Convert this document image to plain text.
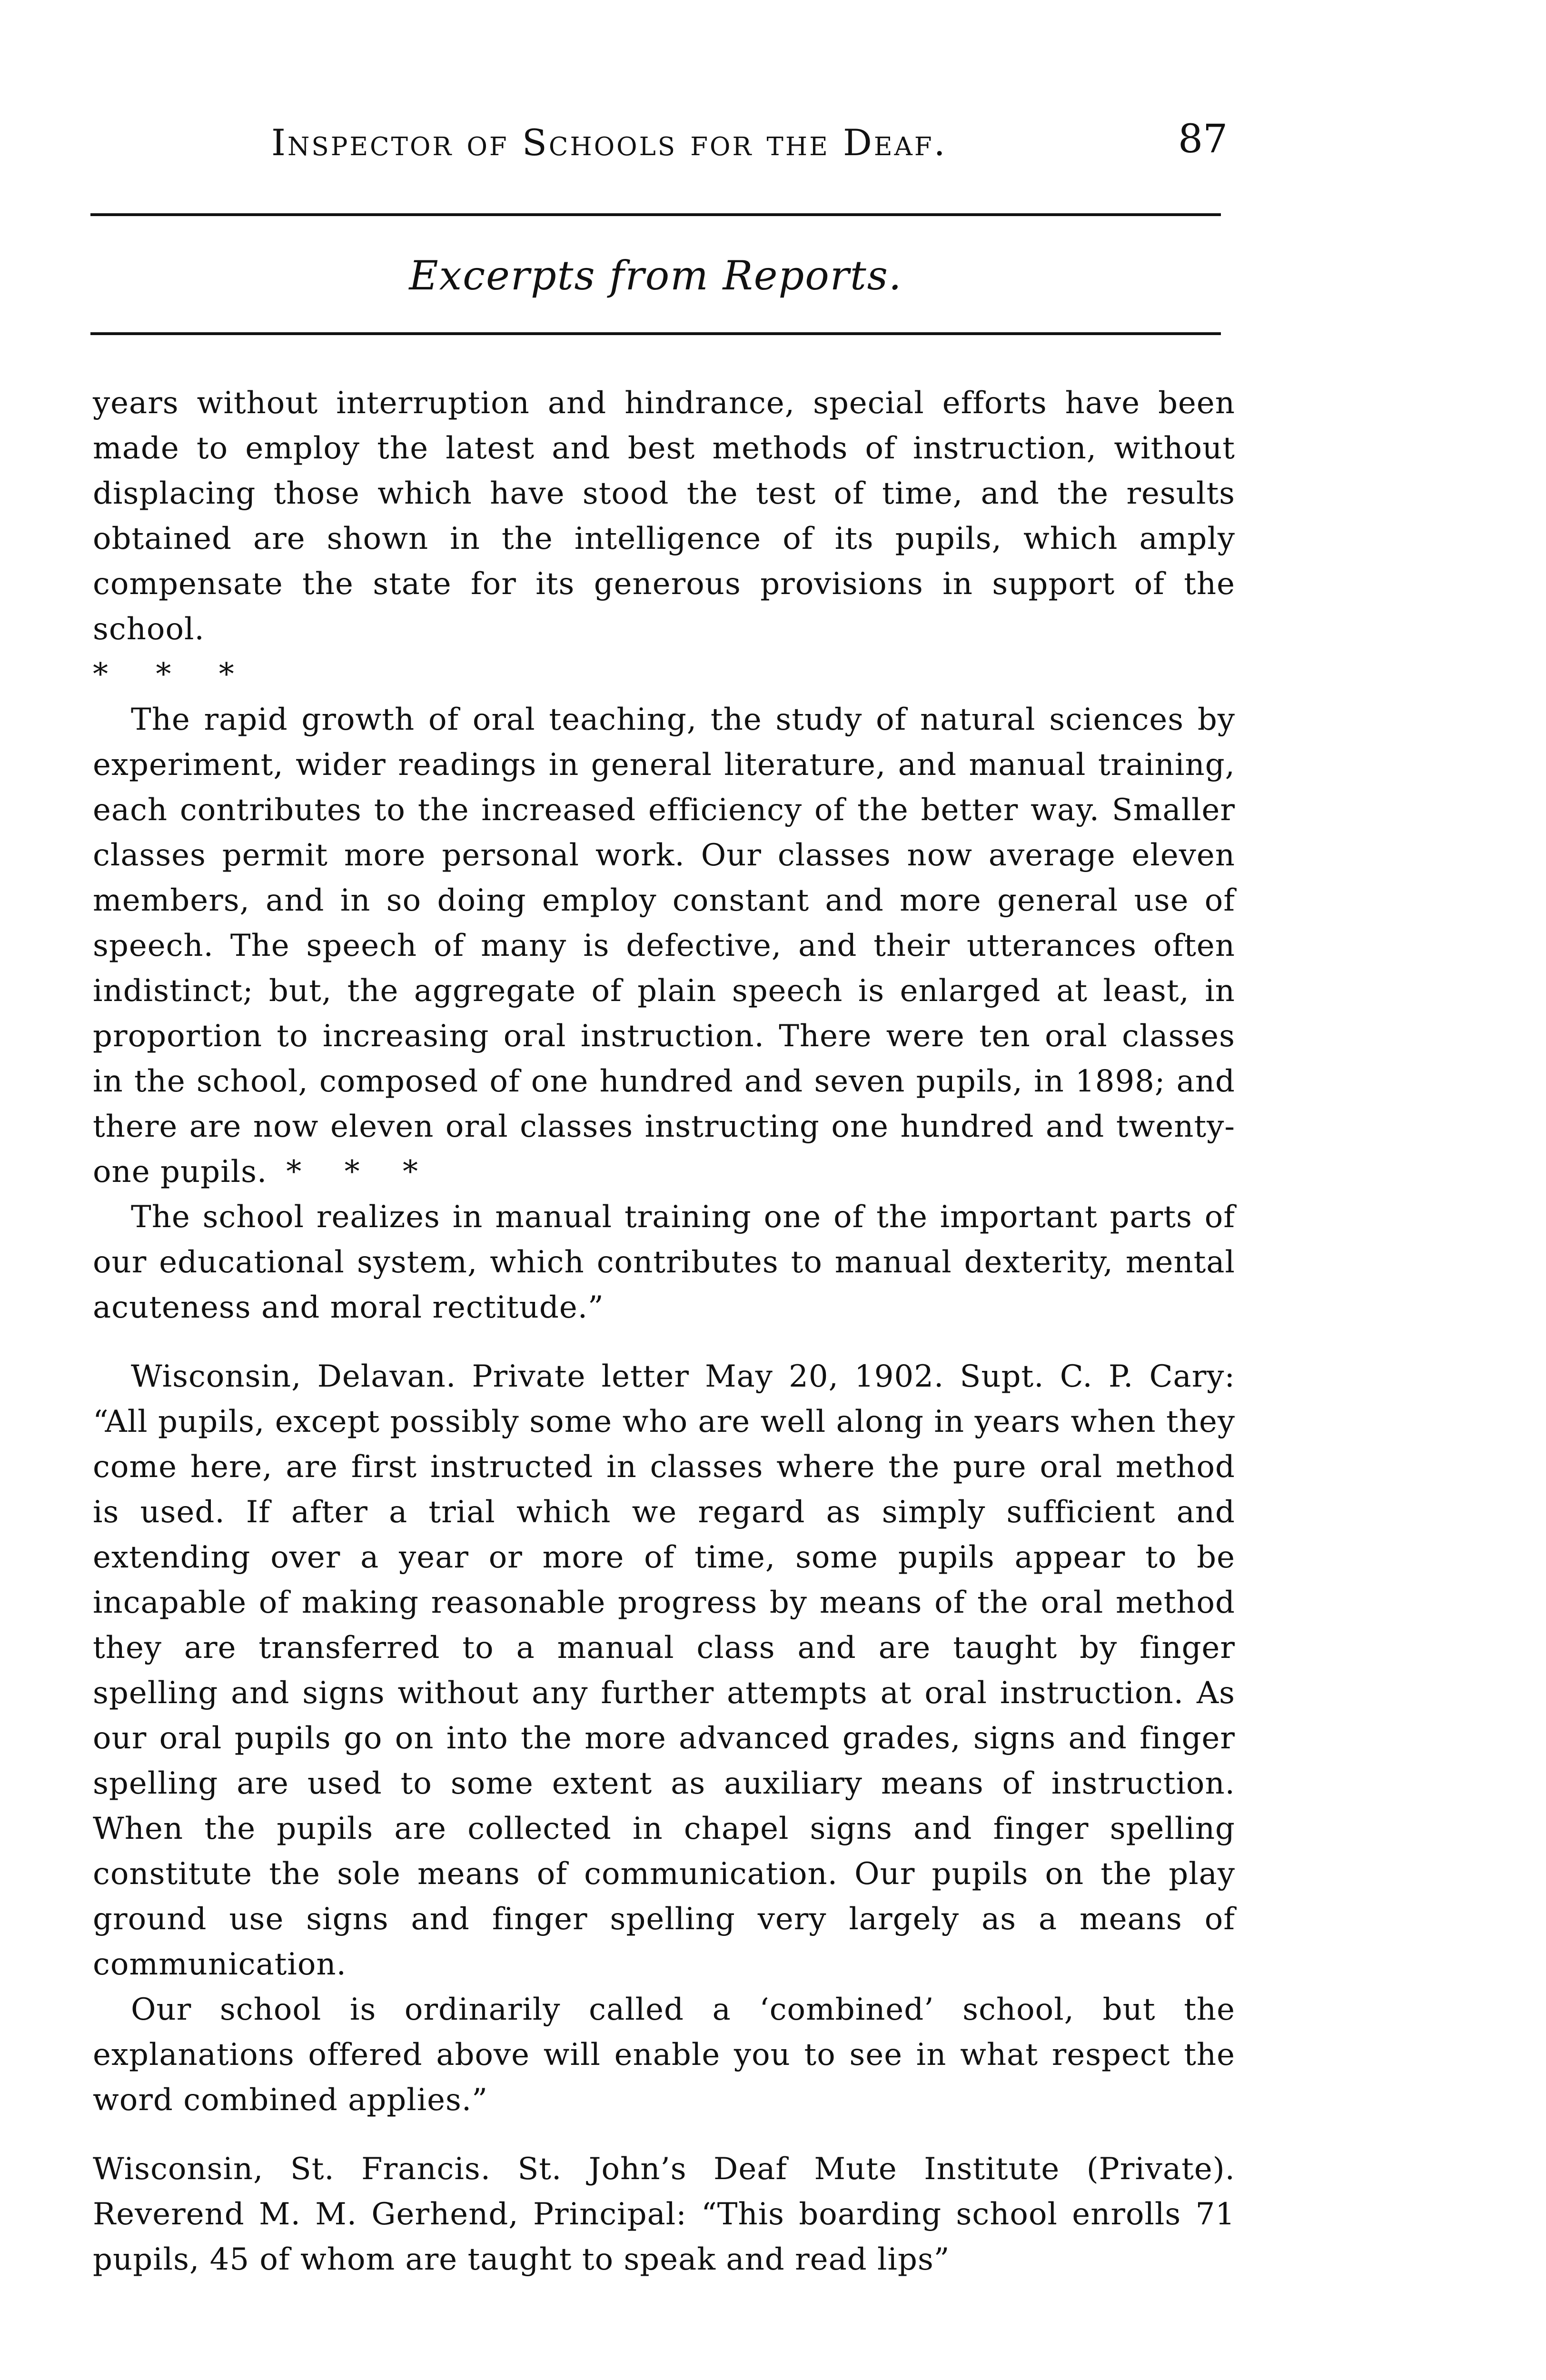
Inspector of Schools for the Deaf.	87
Excerpts from Reports.

years without interruption and hindrance, special efforts have been made to employ the latest and best methods of instruction, without displacing those which have stood the test of time, and the results obtained are shown in the intelligence of its pupils, which amply compensate the state for its generous provisions in support of the school.

* * *

The rapid growth of oral teaching, the study of natural sciences by experiment, wider readings in general literature, and manual training, each contributes to the increased efficiency of the better way. Smaller classes permit more personal work. Our classes now average eleven members, and in so doing employ constant and more general use of speech. The speech of many is defective, and their utterances often indistinct; but, the aggregate of plain speech is enlarged at least, in proportion to increasing oral instruction. There were ten oral classes in the school, composed of one hundred and seven pupils, in 1898; and there are now eleven oral classes instructing one hundred and twenty-one pupils. * * *

The school realizes in manual training one of the important parts of our educational system, which contributes to manual dexterity, mental acuteness and moral rectitude.”

Wisconsin, Delavan. Private letter May 20, 1902. Supt. C. P. Cary: “All pupils, except possibly some who are well along in years when they come here, are first instructed in classes where the pure oral method is used. If after a trial which we regard as simply sufficient and extending over a year or more of time, some pupils appear to be incapable of making reasonable progress by means of the oral method they are transferred to a manual class and are taught by finger spelling and signs without any further attempts at oral instruction. As our oral pupils go on into the more advanced grades, signs and finger spelling are used to some extent as auxiliary means of instruction. When the pupils are collected in chapel signs and finger spelling constitute the sole means of communication. Our pupils on the play ground use signs and finger spelling very largely as a means of communication.

Our school is ordinarily called a ‘combined’ school, but the explanations offered above will enable you to see in what respect the word combined applies.”

Wisconsin, St. Francis. St. John’s Deaf Mute Institute (Private). Reverend M. M. Gerhend, Principal: “This boarding school enrolls 71 pupils, 45 of whom are taught to speak and read lips”
